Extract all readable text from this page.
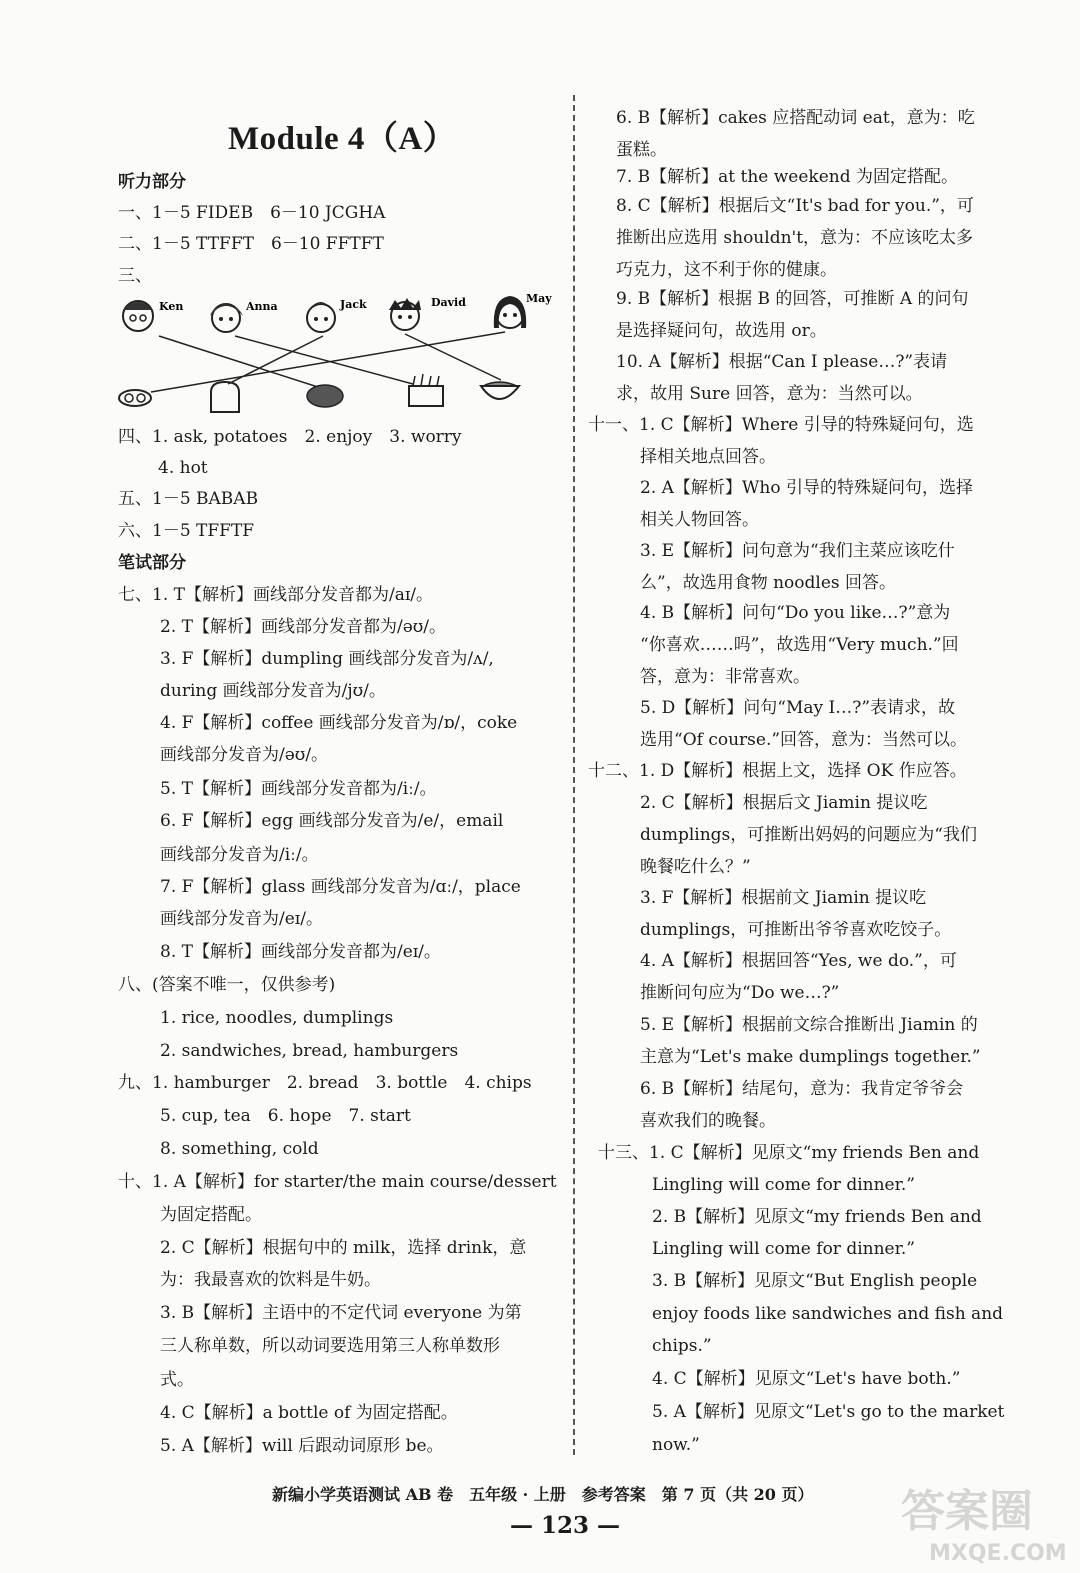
Module 4（A）
听力部分
一、1－5 FIDEB　6－10 JCGHA
二、1－5 TTFFT　6－10 FFTFT
三、
四、1. ask, potatoes　2. enjoy　3. worry
4. hot
五、1－5 BABAB
六、1－5 TFFTF
笔试部分
七、1. T【解析】画线部分发音都为/aɪ/。
2. T【解析】画线部分发音都为/əʊ/。
3. F【解析】dumpling 画线部分发音为/ʌ/,
during 画线部分发音为/jʊ/。
4. F【解析】coffee 画线部分发音为/ɒ/，coke
画线部分发音为/əʊ/。
5. T【解析】画线部分发音都为/iː/。
6. F【解析】egg 画线部分发音为/e/，email
画线部分发音为/iː/。
7. F【解析】glass 画线部分发音为/ɑː/，place
画线部分发音为/eɪ/。
8. T【解析】画线部分发音都为/eɪ/。
八、(答案不唯一，仅供参考)
1. rice, noodles, dumplings
2. sandwiches, bread, hamburgers
九、1. hamburger　2. bread　3. bottle　4. chips
5. cup, tea　6. hope　7. start
8. something, cold
十、1. A【解析】for starter/the main course/dessert
为固定搭配。
2. C【解析】根据句中的 milk，选择 drink，意
为：我最喜欢的饮料是牛奶。
3. B【解析】主语中的不定代词 everyone 为第
三人称单数，所以动词要选用第三人称单数形
式。
4. C【解析】a bottle of 为固定搭配。
5. A【解析】will 后跟动词原形 be。
6. B【解析】cakes 应搭配动词 eat，意为：吃
蛋糕。
7. B【解析】at the weekend 为固定搭配。
8. C【解析】根据后文“It's bad for you.”，可
推断出应选用 shouldn't，意为：不应该吃太多
巧克力，这不利于你的健康。
9. B【解析】根据 B 的回答，可推断 A 的问句
是选择疑问句，故选用 or。
10. A【解析】根据“Can I please…?”表请
求，故用 Sure 回答，意为：当然可以。
十一、1. C【解析】Where 引导的特殊疑问句，选
择相关地点回答。
2. A【解析】Who 引导的特殊疑问句，选择
相关人物回答。
3. E【解析】问句意为“我们主菜应该吃什
么”，故选用食物 noodles 回答。
4. B【解析】问句“Do you like…?”意为
“你喜欢……吗”，故选用“Very much.”回
答，意为：非常喜欢。
5. D【解析】问句“May I…?”表请求，故
选用“Of course.”回答，意为：当然可以。
十二、1. D【解析】根据上文，选择 OK 作应答。
2. C【解析】根据后文 Jiamin 提议吃
dumplings，可推断出妈妈的问题应为“我们
晚餐吃什么？”
3. F【解析】根据前文 Jiamin 提议吃
dumplings，可推断出爷爷喜欢吃饺子。
4. A【解析】根据回答“Yes, we do.”，可
推断问句应为“Do we…?”
5. E【解析】根据前文综合推断出 Jiamin 的
主意为“Let's make dumplings together.”
6. B【解析】结尾句，意为：我肯定爷爷会
喜欢我们的晚餐。
十三、1. C【解析】见原文“my friends Ben and
Lingling will come for dinner.”
2. B【解析】见原文“my friends Ben and
Lingling will come for dinner.”
3. B【解析】见原文“But English people
enjoy foods like sandwiches and fish and
chips.”
4. C【解析】见原文“Let's have both.”
5. A【解析】见原文“Let's go to the market
now.”
Ken	Anna	Jack	David	May
新编小学英语测试 AB 卷　五年级 · 上册　参考答案　第 7 页（共 20 页）
— 123 —	答案圈
MXQE.COM
